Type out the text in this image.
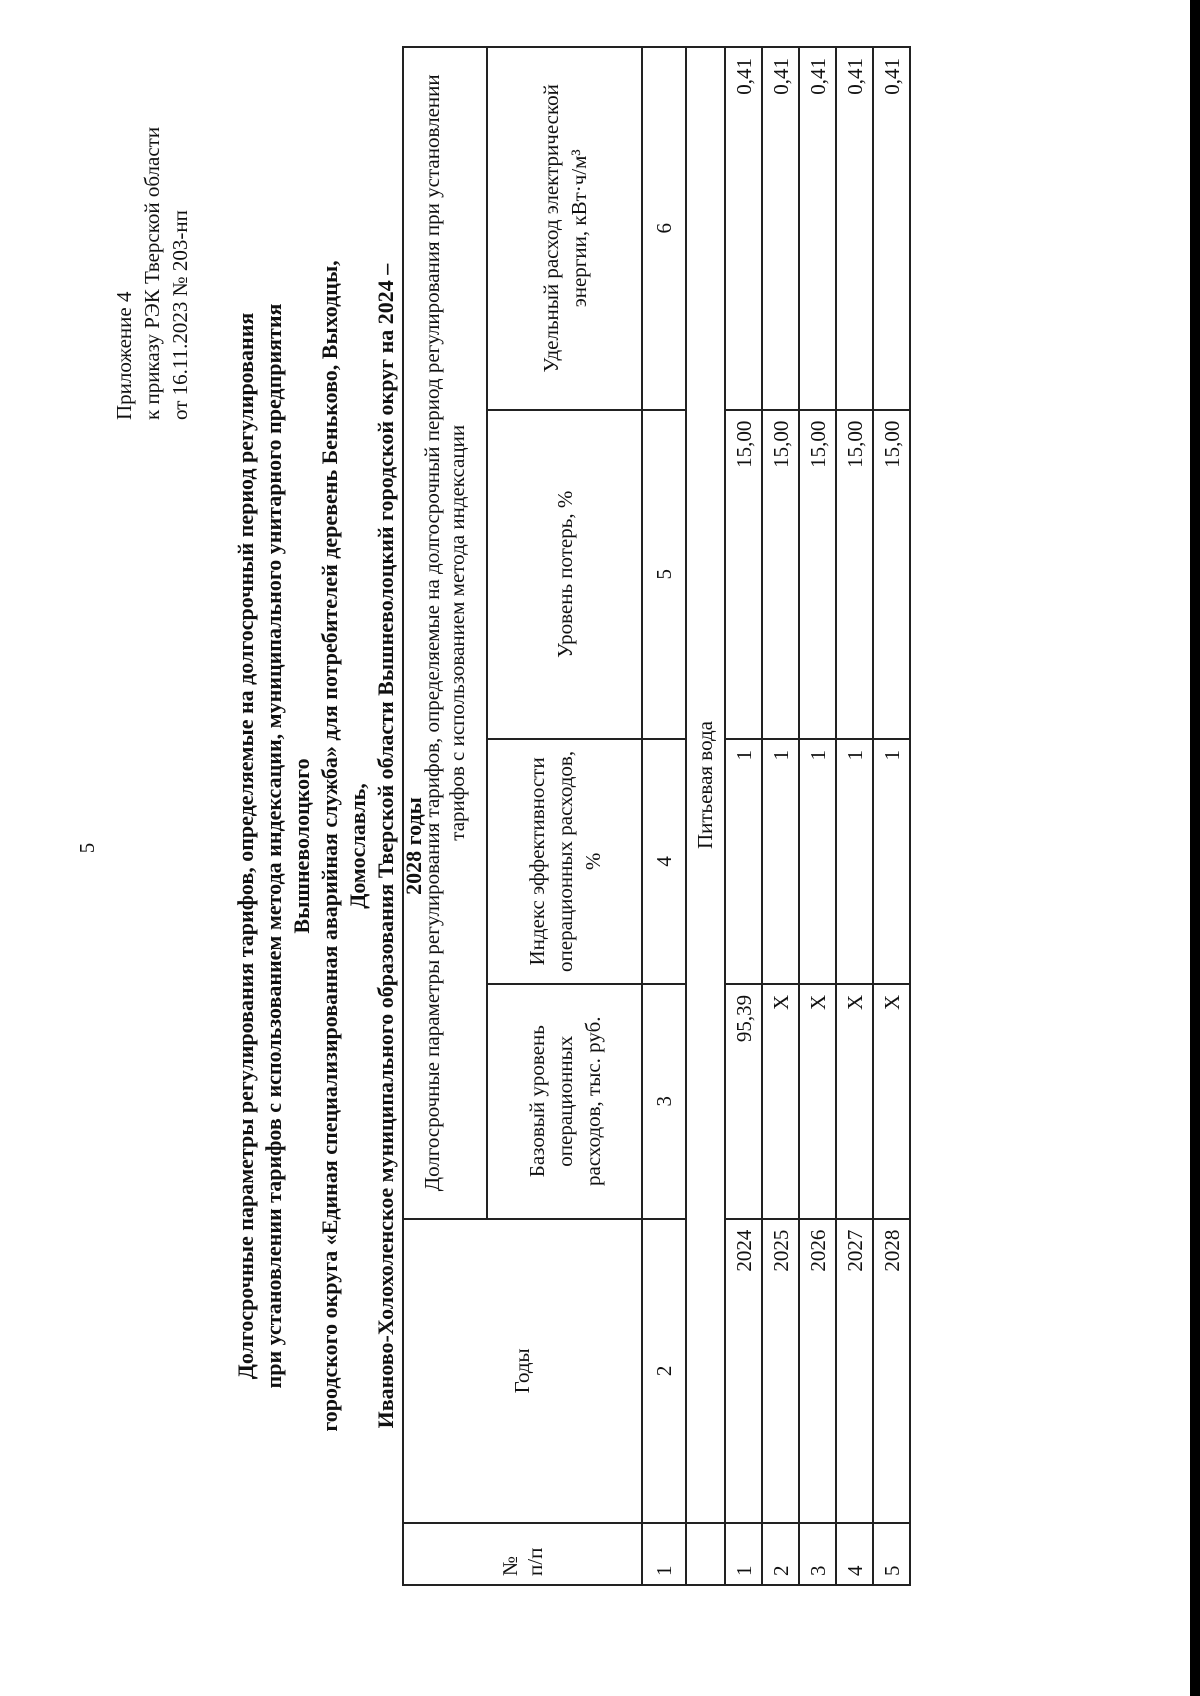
5
Приложение 4 к приказу РЭК Тверской области от 16.11.2023 № 203-нп Долгосрочные параметры регулирования тарифов, определяемые на долгосрочный период регулирования при установлении тарифов с использованием метода индексации, муниципального унитарного предприятия Вышневолоцкого городского округа «Единая специализированная аварийная служба» для потребителей деревень Беньково, Выходцы, Домославль, Иваново-Холохоленское муниципального образования Тверской области Вышневолоцкий городской округ на 2024 – 2028 годы
№
п/п	Годы	Долгосрочные параметры регулирования тарифов, определяемые на долгосрочный период регулирования при установлении тарифов с использованием метода индексации			
		Базовый уровень операционных расходов, тыс. руб.	Индекс эффективности операционных расходов, %	Уровень потерь, %	Удельный расход электрической энергии, кВт·ч/м³
1	2	3	4	5	6
	Питьевая вода				
1	2024	95,39	1	15,00	0,41
2	2025	Х	1	15,00	0,41
3	2026	Х	1	15,00	0,41
4	2027	Х	1	15,00	0,41
5	2028	Х	1	15,00	0,41
